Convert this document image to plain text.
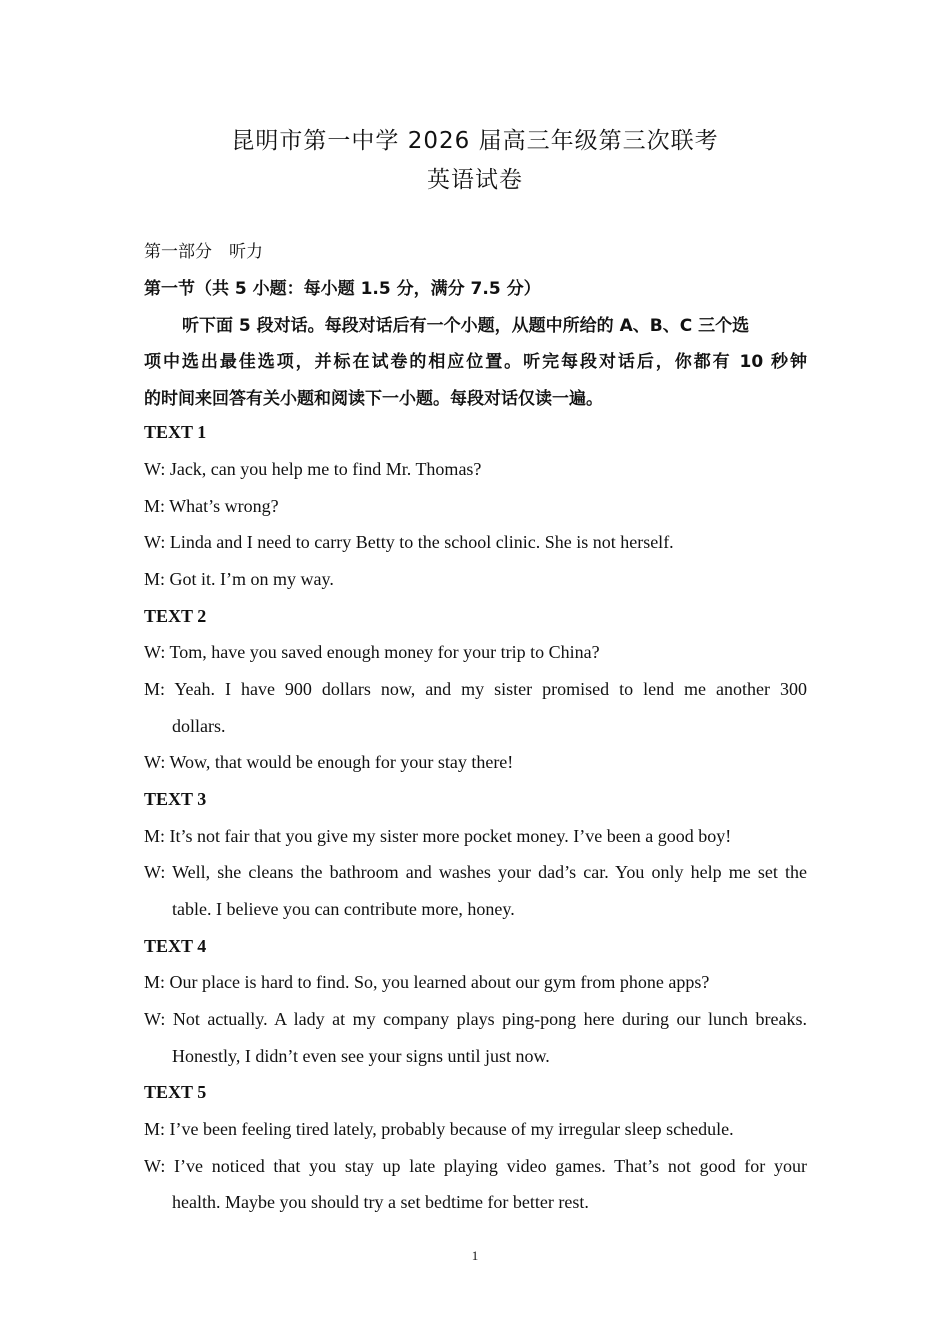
昆明市第一中学 2026 届高三年级第三次联考
英语试卷
第一部分　听力
第一节（共 5 小题：每小题 1.5 分，满分 7.5 分）
听下面 5 段对话。每段对话后有一个小题，从题中所给的 A、B、C 三个选
项中选出最佳选项，并标在试卷的相应位置。听完每段对话后，你都有 10 秒钟
的时间来回答有关小题和阅读下一小题。每段对话仅读一遍。
TEXT 1
W: Jack, can you help me to find Mr. Thomas?
M: What’s wrong?
W: Linda and I need to carry Betty to the school clinic. She is not herself.
M: Got it. I’m on my way.
TEXT 2
W: Tom, have you saved enough money for your trip to China?
M: Yeah. I have 900 dollars now, and my sister promised to lend me another 300
dollars.
W: Wow, that would be enough for your stay there!
TEXT 3
M: It’s not fair that you give my sister more pocket money. I’ve been a good boy!
W: Well, she cleans the bathroom and washes your dad’s car. You only help me set the
table. I believe you can contribute more, honey.
TEXT 4
M: Our place is hard to find. So, you learned about our gym from phone apps?
W: Not actually. A lady at my company plays ping-pong here during our lunch breaks.
Honestly, I didn’t even see your signs until just now.
TEXT 5
M: I’ve been feeling tired lately, probably because of my irregular sleep schedule.
W: I’ve noticed that you stay up late playing video games. That’s not good for your
health. Maybe you should try a set bedtime for better rest.
1
